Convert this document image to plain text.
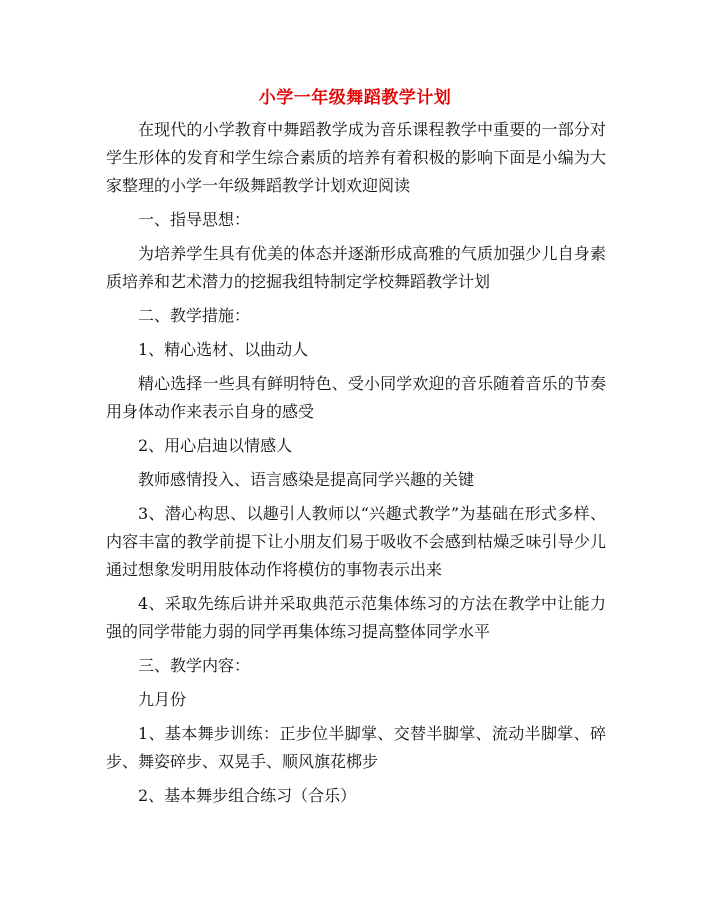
小学一年级舞蹈教学计划

在现代的小学教育中舞蹈教学成为音乐课程教学中重要的一部分对学生形体的发育和学生综合素质的培养有着积极的影响下面是小编为大家整理的小学一年级舞蹈教学计划欢迎阅读

一、指导思想：

为培养学生具有优美的体态并逐渐形成高雅的气质加强少儿自身素质培养和艺术潜力的挖掘我组特制定学校舞蹈教学计划

二、教学措施：

1、精心选材、以曲动人

精心选择一些具有鲜明特色、受小同学欢迎的音乐随着音乐的节奏用身体动作来表示自身的感受

2、用心启迪以情感人

教师感情投入、语言感染是提高同学兴趣的关键

3、潜心构思、以趣引人教师以“兴趣式教学”为基础在形式多样、内容丰富的教学前提下让小朋友们易于吸收不会感到枯燥乏味引导少儿通过想象发明用肢体动作将模仿的事物表示出来

4、采取先练后讲并采取典范示范集体练习的方法在教学中让能力强的同学带能力弱的同学再集体练习提高整体同学水平

三、教学内容：

九月份

1、基本舞步训练：正步位半脚掌、交替半脚掌、流动半脚掌、碎步、舞姿碎步、双晃手、顺风旗花梆步

2、基本舞步组合练习（合乐）
